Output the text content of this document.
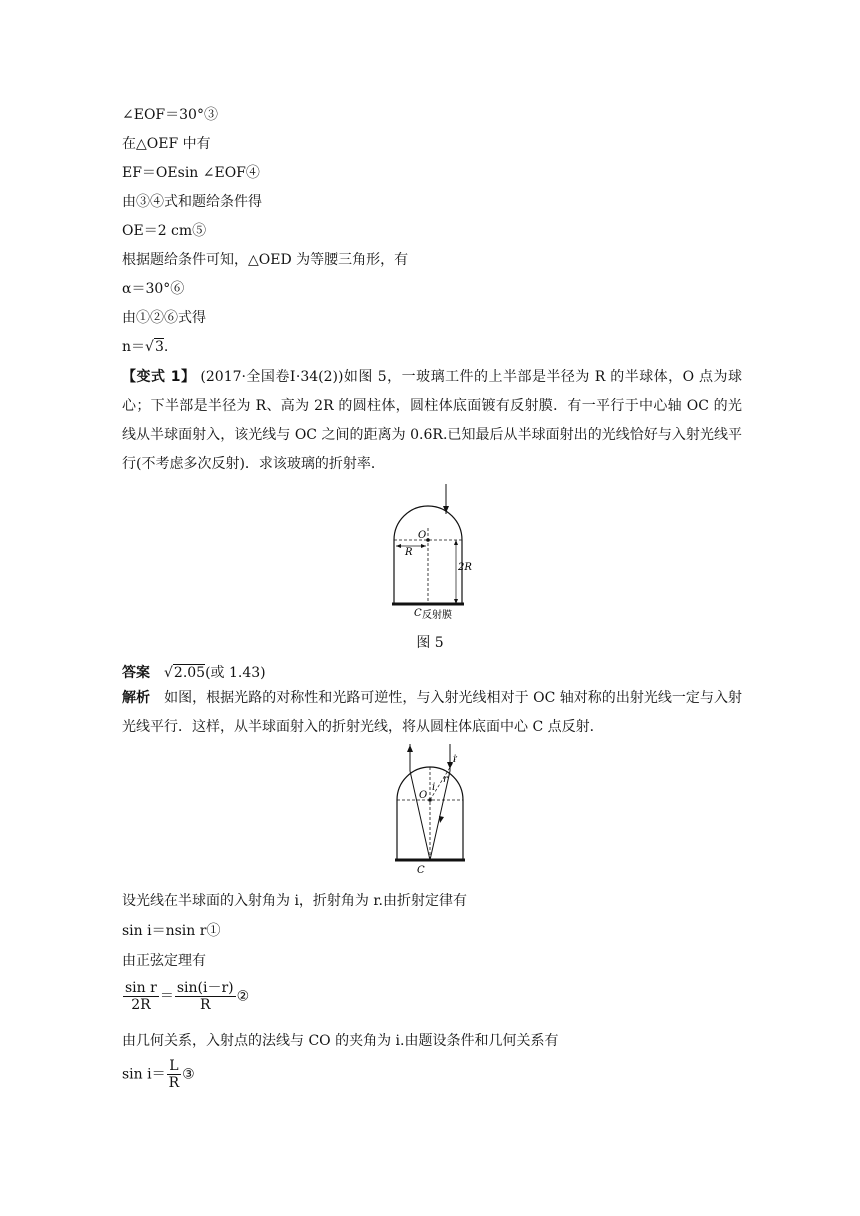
∠EOF＝30°③
在△OEF 中有
EF＝OEsin ∠EOF④
由③④式和题给条件得
OE＝2 cm⑤
根据题给条件可知，△OED 为等腰三角形，有
α＝30°⑥
由①②⑥式得
n＝√3.
【变式 1】 (2017·全国卷Ⅰ·34(2))如图 5，一玻璃工件的上半部是半径为 R 的半球体，O 点为球心；下半部是半径为 R、高为 2R 的圆柱体，圆柱体底面镀有反射膜．有一平行于中心轴 OC 的光线从半球面射入，该光线与 OC 之间的距离为 0.6R.已知最后从半球面射出的光线恰好与入射光线平行(不考虑多次反射)．求该玻璃的折射率．
O
R
2R
C 反射膜
图 5
答案 √2.05(或 1.43)
解析　如图，根据光路的对称性和光路可逆性，与入射光线相对于 OC 轴对称的出射光线一定与入射光线平行．这样，从半球面射入的折射光线，将从圆柱体底面中心 C 点反射．
i
r
i
O
C
设光线在半球面的入射角为 i，折射角为 r.由折射定律有
sin i＝nsin r①
由正弦定理有
$\frac{\text{sin r}}{2R} = \frac{\sin(i-r)}{R}$ ②
由几何关系，入射点的法线与 CO 的夹角为 i.由题设条件和几何关系有
$\sin i= \frac{L}{R}$ ③
